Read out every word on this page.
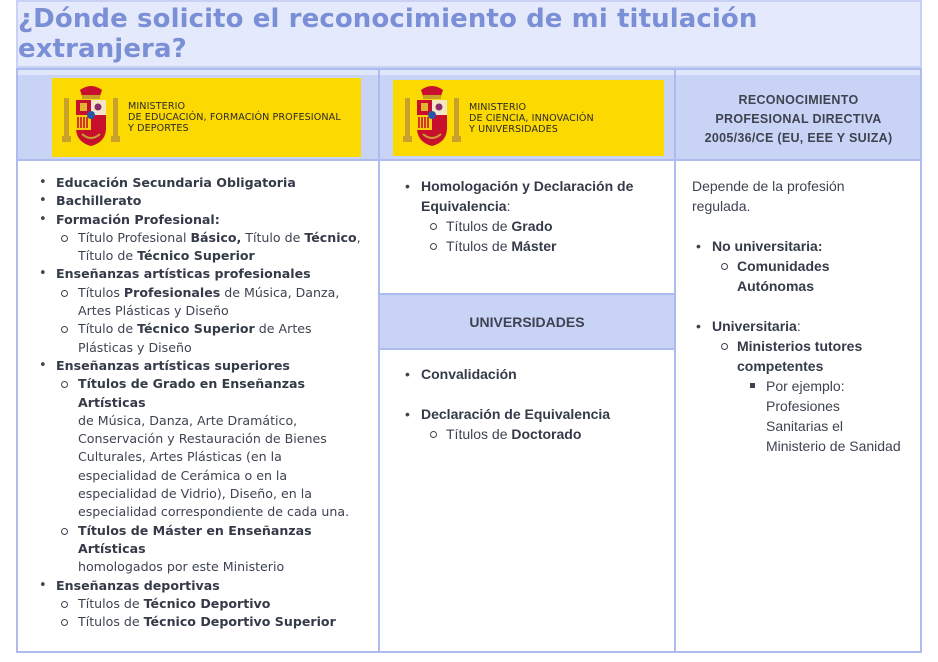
¿Dónde solicito el reconocimiento de mi titulación extranjera?
MINISTERIO
DE EDUCACIÓN, FORMACIÓN PROFESIONAL
Y DEPORTES
MINISTERIO
DE CIENCIA, INNOVACIÓN
Y UNIVERSIDADES
RECONOCIMIENTO
PROFESIONAL DIRECTIVA
2005/36/CE (EU, EEE Y SUIZA)
UNIVERSIDADES
• Educación Secundaria Obligatoria
• Bachillerato
• Formación Profesional:
Título Profesional Básico, Título de Técnico,
Título de Técnico Superior
• Enseñanzas artísticas profesionales
Títulos Profesionales de Música, Danza,
Artes Plásticas y Diseño
Título de Técnico Superior de Artes
Plásticas y Diseño
• Enseñanzas artísticas superiores
Títulos de Grado en Enseñanzas Artísticas
de Música, Danza, Arte Dramático,
Conservación y Restauración de Bienes
Culturales, Artes Plásticas (en la
especialidad de Cerámica o en la
especialidad de Vidrio), Diseño, en la
especialidad correspondiente de cada una.
Títulos de Máster en Enseñanzas Artísticas
homologados por este Ministerio
• Enseñanzas deportivas
Títulos de Técnico Deportivo
Títulos de Técnico Deportivo Superior
• Homologación y Declaración de
Equivalencia:
Títulos de Grado
Títulos de Máster
• Convalidación
• Declaración de Equivalencia
Títulos de Doctorado
Depende de la profesión
regulada.
• No universitaria:
Comunidades
Autónomas
• Universitaria:
Ministerios tutores
competentes
Por ejemplo:
Profesiones
Sanitarias el
Ministerio de Sanidad
